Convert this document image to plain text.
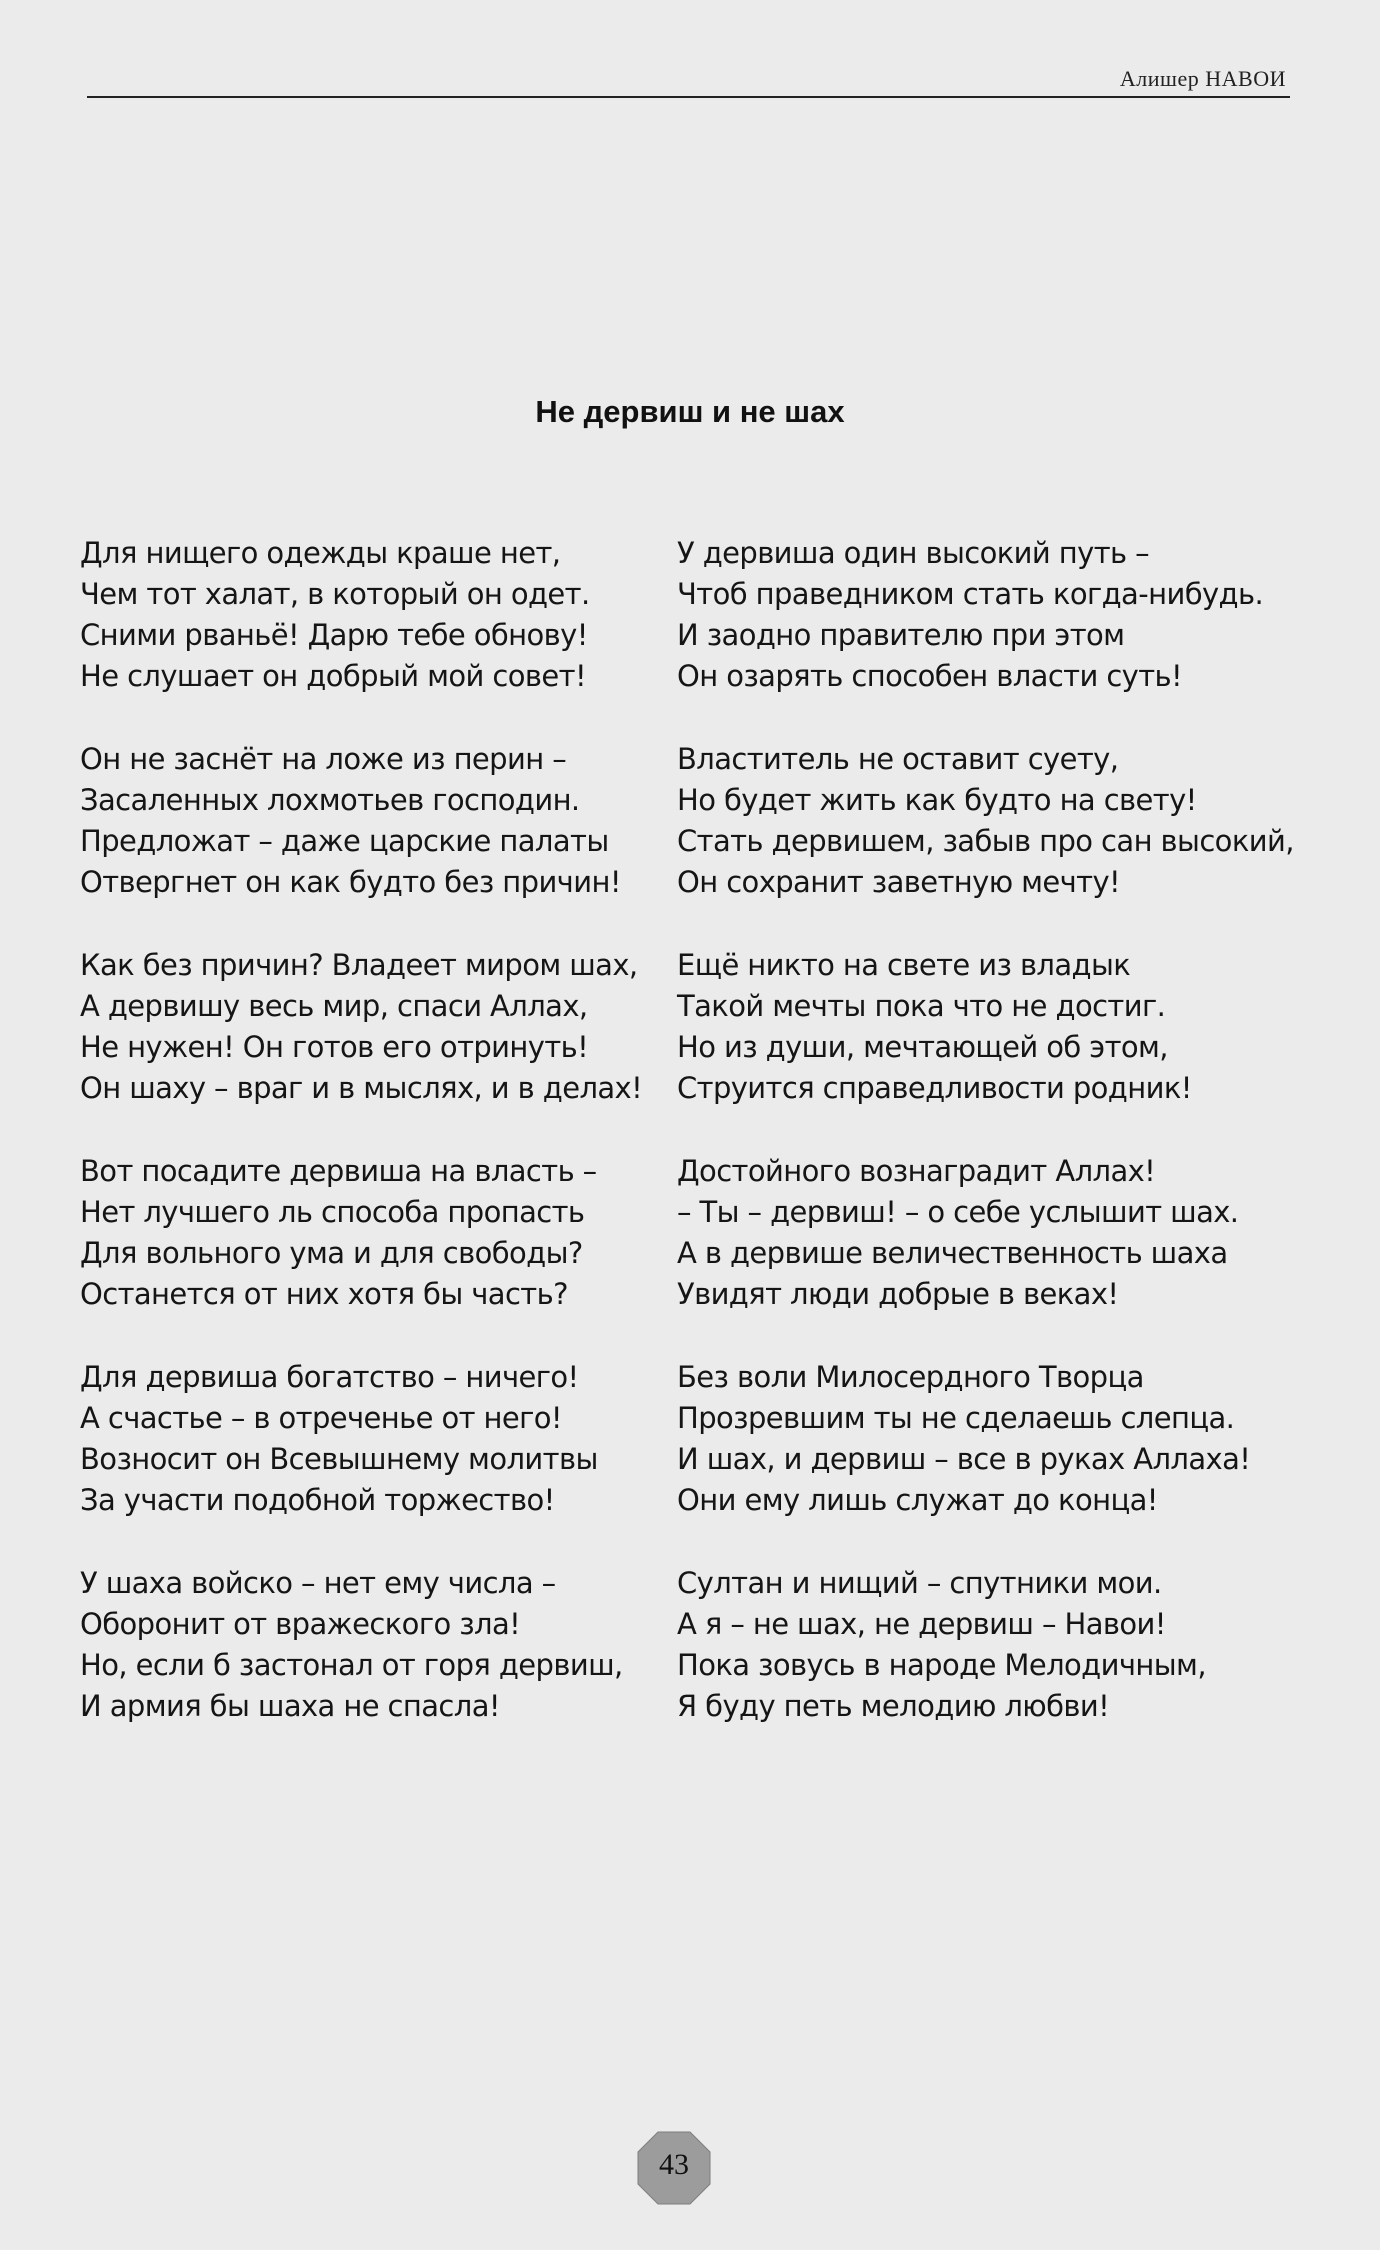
Алишер НАВОИ
Не дервиш и не шах
Для нищего одежды краше нет,
Чем тот халат, в который он одет.
Сними рваньё! Дарю тебе обнову!
Не слушает он добрый мой совет!
Он не заснёт на ложе из перин –
Засаленных лохмотьев господин.
Предложат – даже царские палаты
Отвергнет он как будто без причин!
Как без причин? Владеет миром шах,
А дервишу весь мир, спаси Аллах,
Не нужен! Он готов его отринуть!
Он шаху – враг и в мыслях, и в делах!
Вот посадите дервиша на власть –
Нет лучшего ль способа пропасть
Для вольного ума и для свободы?
Останется от них хотя бы часть?
Для дервиша богатство – ничего!
А счастье – в отреченье от него!
Возносит он Всевышнему молитвы
За участи подобной торжество!
У шаха войско – нет ему числа –
Оборонит от вражеского зла!
Но, если б застонал от горя дервиш,
И армия бы шаха не спасла!
У дервиша один высокий путь –
Чтоб праведником стать когда-нибудь.
И заодно правителю при этом
Он озарять способен власти суть!
Властитель не оставит суету,
Но будет жить как будто на свету!
Стать дервишем, забыв про сан высокий,
Он сохранит заветную мечту!
Ещё никто на свете из владык
Такой мечты пока что не достиг.
Но из души, мечтающей об этом,
Струится справедливости родник!
Достойного вознаградит Аллах!
– Ты – дервиш! – о себе услышит шах.
А в дервише величественность шаха
Увидят люди добрые в веках!
Без воли Милосердного Творца
Прозревшим ты не сделаешь слепца.
И шах, и дервиш – все в руках Аллаха!
Они ему лишь служат до конца!
Султан и нищий – спутники мои.
А я – не шах, не дервиш – Навои!
Пока зовусь в народе Мелодичным,
Я буду петь мелодию любви!
43
